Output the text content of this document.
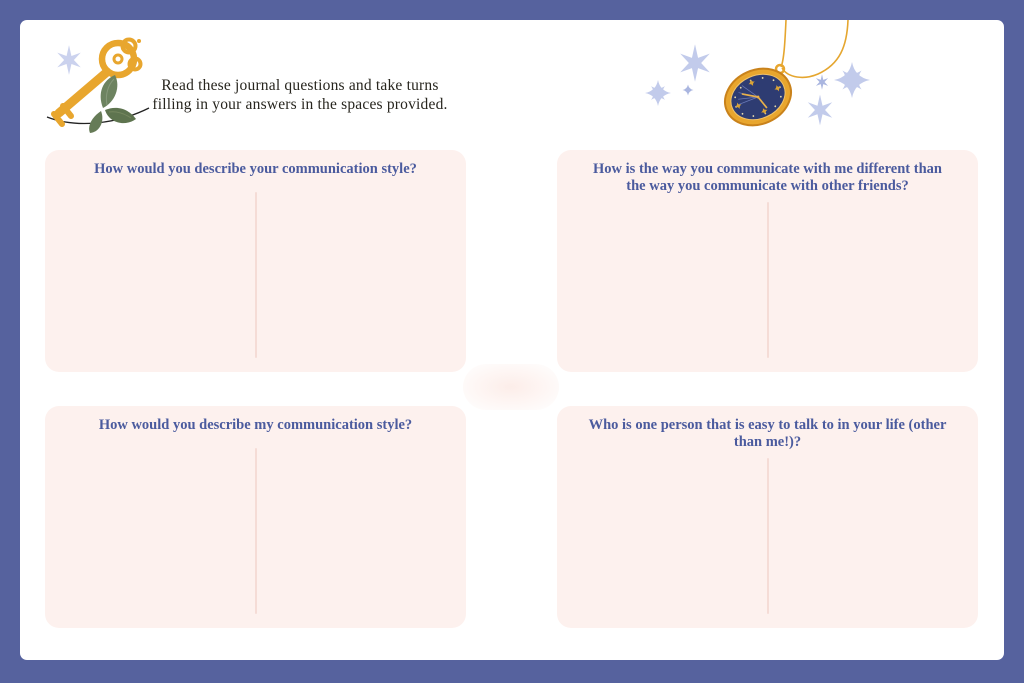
Read these journal questions and take turns
filling in your answers in the spaces provided.
How would you describe your communication style?	How is the way you communicate with me different than the way you communicate with other friends?
How would you describe my communication style?	Who is one person that is easy to talk to in your life (other than me!)?
